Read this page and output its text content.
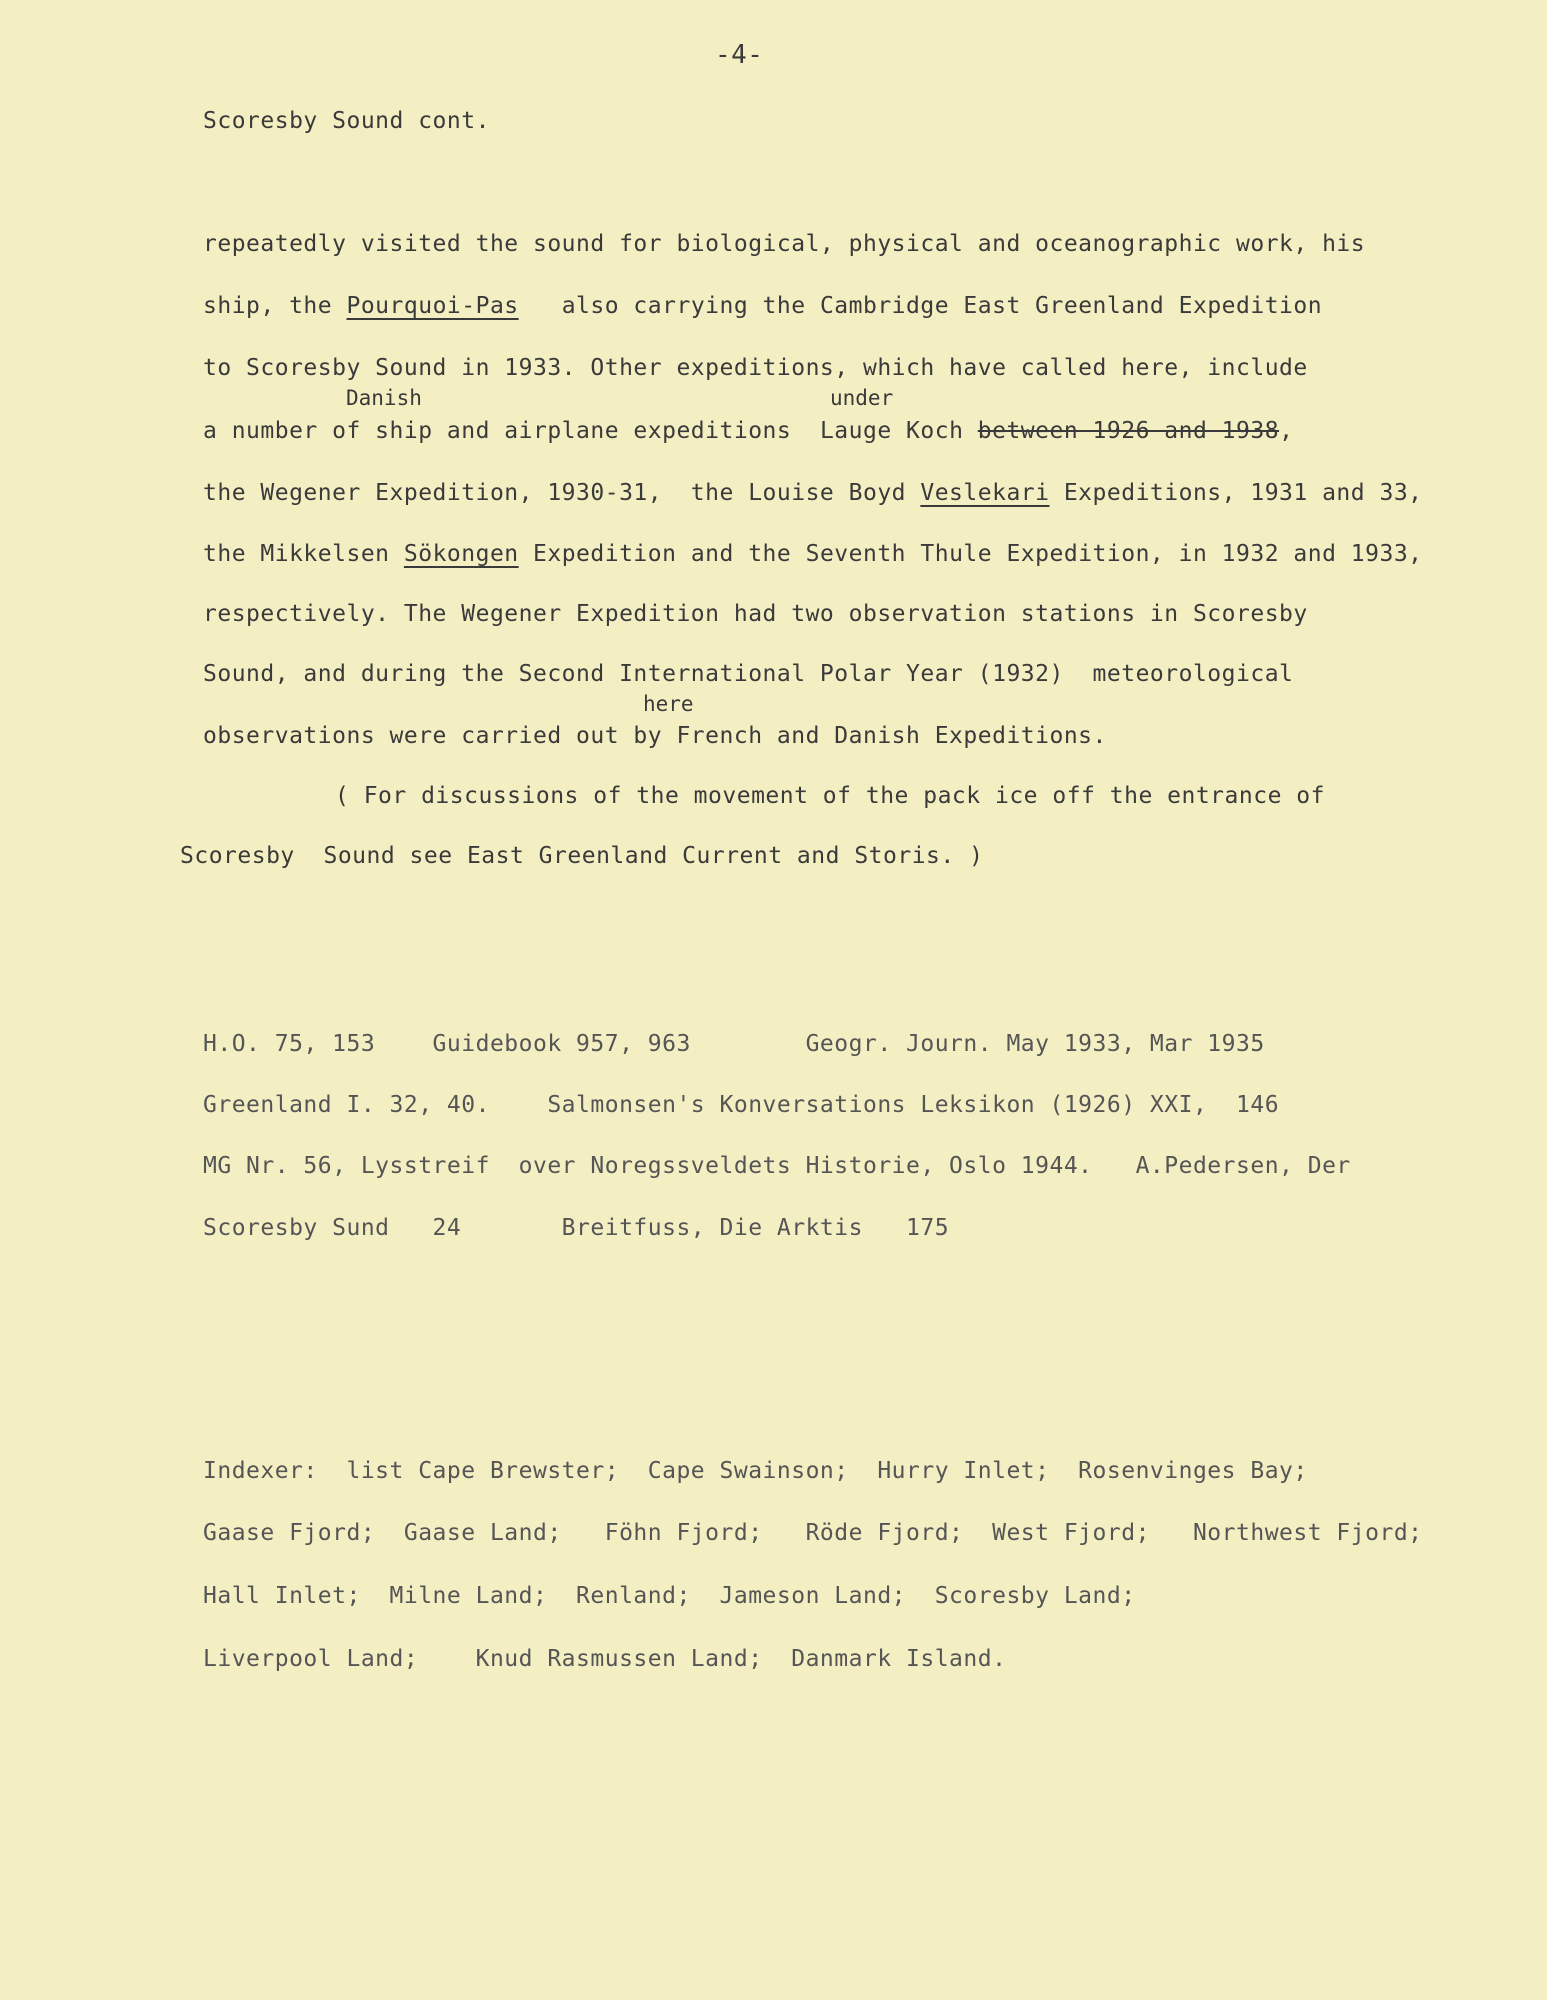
-4-
Scoresby Sound cont.
repeatedly visited the sound for biological, physical and oceanographic work, his
ship, the Pourquoi-Pas   also carrying the Cambridge East Greenland Expedition
to Scoresby Sound in 1933. Other expeditions, which have called here, include
Danish	under
a number of ship and airplane expeditions  Lauge Koch between 1926 and 1938,
the Wegener Expedition, 1930-31,  the Louise Boyd Veslekari Expeditions, 1931 and 33,
the Mikkelsen Sökongen Expedition and the Seventh Thule Expedition, in 1932 and 1933,
respectively. The Wegener Expedition had two observation stations in Scoresby
Sound, and during the Second International Polar Year (1932)  meteorological
here
observations were carried out by French and Danish Expeditions.
( For discussions of the movement of the pack ice off the entrance of
Scoresby  Sound see East Greenland Current and Storis. )
H.O. 75, 153    Guidebook 957, 963        Geogr. Journ. May 1933, Mar 1935
Greenland I. 32, 40.    Salmonsen's Konversations Leksikon (1926) XXI,  146
MG Nr. 56, Lysstreif  over Noregssveldets Historie, Oslo 1944.   A.Pedersen, Der
Scoresby Sund   24       Breitfuss, Die Arktis   175
Indexer:  list Cape Brewster;  Cape Swainson;  Hurry Inlet;  Rosenvinges Bay;
Gaase Fjord;  Gaase Land;   Föhn Fjord;   Röde Fjord;  West Fjord;   Northwest Fjord;
Hall Inlet;  Milne Land;  Renland;  Jameson Land;  Scoresby Land;
Liverpool Land;    Knud Rasmussen Land;  Danmark Island.
